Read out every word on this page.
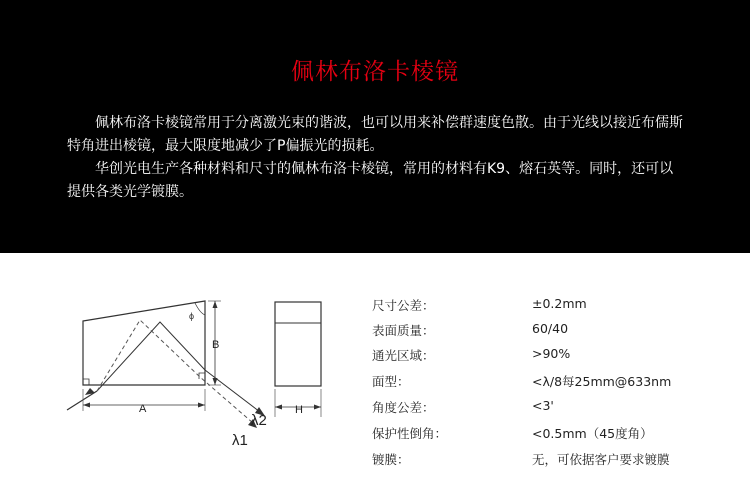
佩林布洛卡棱镜

佩林布洛卡棱镜常用于分离激光束的谐波，也可以用来补偿群速度色散。由于光线以接近布儒斯特角进出棱镜，最大限度地减少了P偏振光的损耗。

华创光电生产各种材料和尺寸的佩林布洛卡棱镜，常用的材料有K9、熔石英等。同时，还可以提供各类光学镀膜。

ϕ
λ2
λ1
A
B
H
尺寸公差：	±0.2mm
表面质量：	60/40
通光区域：	>90%
面型：	<λ/8每25mm@633nm
角度公差：	<3'
保护性倒角：	<0.5mm（45度角）
镀膜：	无，可依据客户要求镀膜
